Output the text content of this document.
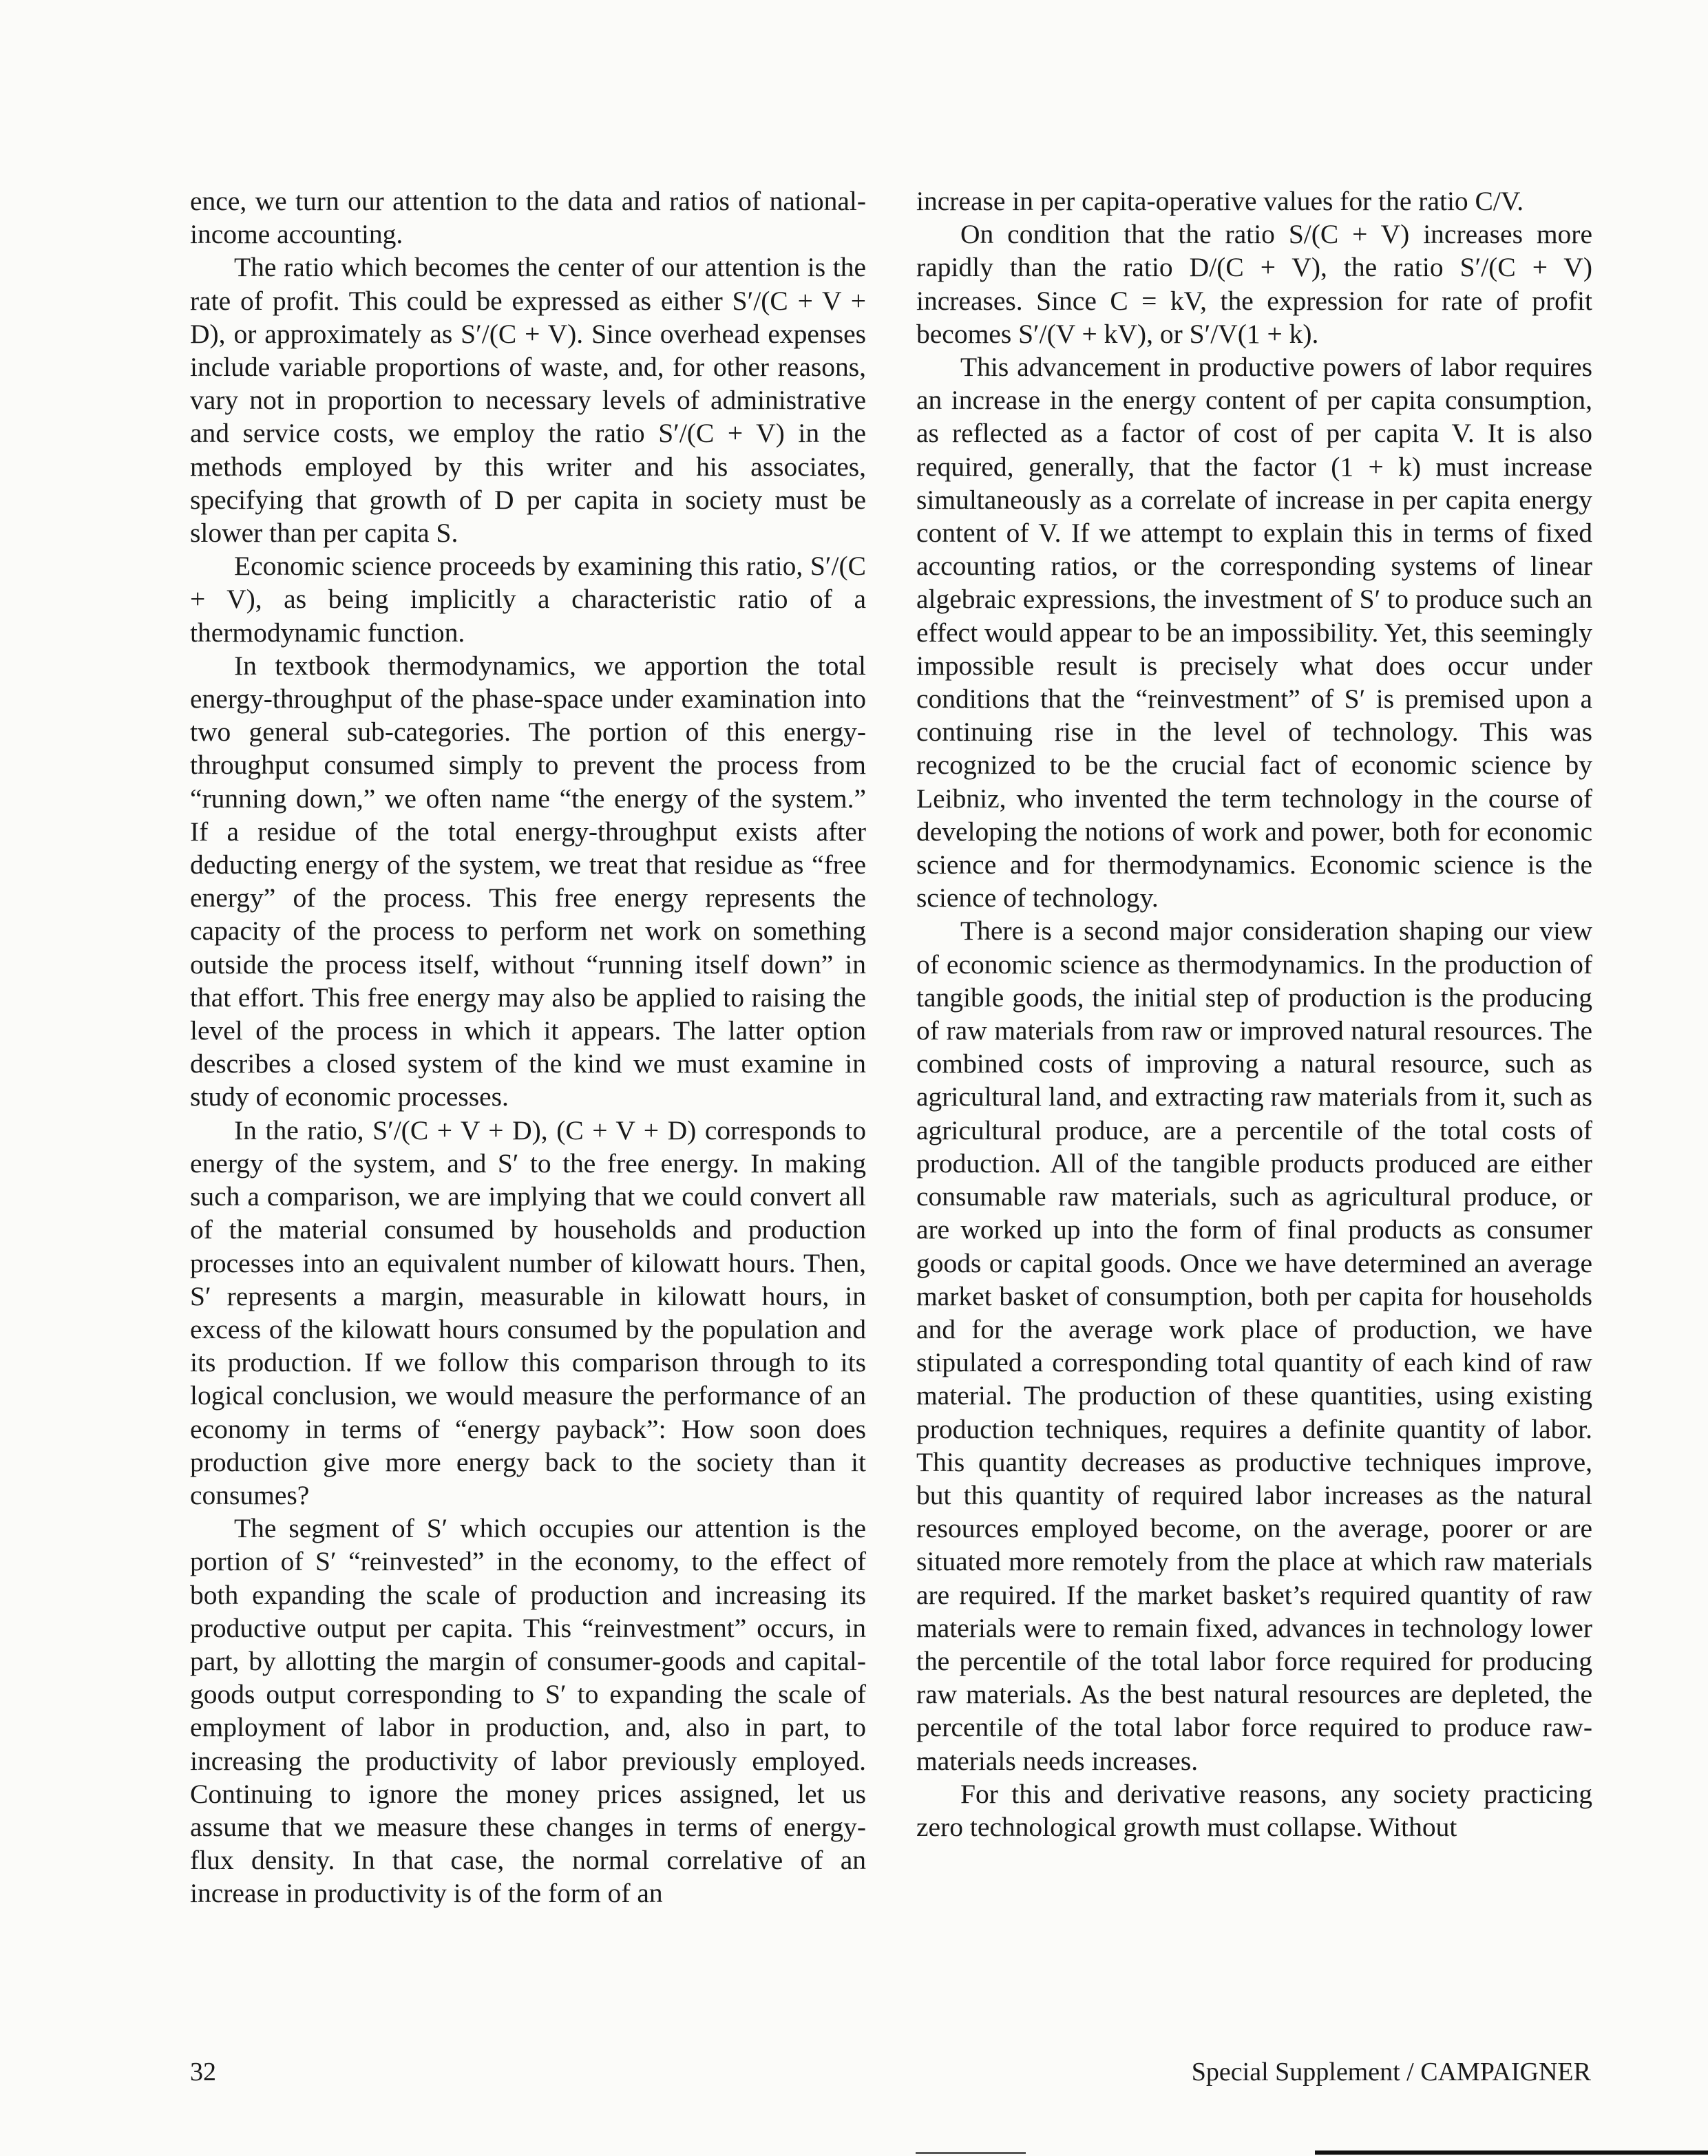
ence, we turn our attention to the data and ratios of national-income accounting.

The ratio which becomes the center of our attention is the rate of profit. This could be expressed as either S′/(C + V + D), or approximately as S′/(C + V). Since overhead expenses include variable proportions of waste, and, for other reasons, vary not in proportion to necessary levels of administrative and service costs, we employ the ratio S′/(C + V) in the methods employed by this writer and his associates, specifying that growth of D per capita in society must be slower than per capita S.

Economic science proceeds by examining this ratio, S′/(C + V), as being implicitly a characteristic ratio of a thermodynamic function.

In textbook thermodynamics, we apportion the total energy-throughput of the phase-space under examination into two general sub-categories. The portion of this energy-throughput consumed simply to prevent the process from “running down,” we often name “the energy of the system.” If a residue of the total energy-throughput exists after deducting energy of the system, we treat that residue as “free energy” of the process. This free energy represents the capacity of the process to perform net work on something outside the process itself, without “running itself down” in that effort. This free energy may also be applied to raising the level of the process in which it appears. The latter option describes a closed system of the kind we must examine in study of economic processes.

In the ratio, S′/(C + V + D), (C + V + D) corresponds to energy of the system, and S′ to the free energy. In making such a comparison, we are implying that we could convert all of the material consumed by households and production processes into an equivalent number of kilowatt hours. Then, S′ represents a margin, measurable in kilowatt hours, in excess of the kilowatt hours consumed by the population and its production. If we follow this comparison through to its logical conclusion, we would measure the performance of an economy in terms of “energy payback”: How soon does production give more energy back to the society than it consumes?

The segment of S′ which occupies our attention is the portion of S′ “reinvested” in the economy, to the effect of both expanding the scale of production and increasing its productive output per capita. This “reinvestment” occurs, in part, by allotting the margin of consumer-goods and capital-goods output corresponding to S′ to expanding the scale of employment of labor in production, and, also in part, to increasing the productivity of labor previously employed. Continuing to ignore the money prices assigned, let us assume that we measure these changes in terms of energy-flux density. In that case, the normal correlative of an increase in productivity is of the form of an

increase in per capita-operative values for the ratio C/V.

On condition that the ratio S/(C + V) increases more rapidly than the ratio D/(C + V), the ratio S′/(C + V) increases. Since C = kV, the expression for rate of profit becomes S′/(V + kV), or S′/V(1 + k).

This advancement in productive powers of labor requires an increase in the energy content of per capita consumption, as reflected as a factor of cost of per capita V. It is also required, generally, that the factor (1 + k) must increase simultaneously as a correlate of increase in per capita energy content of V. If we attempt to explain this in terms of fixed accounting ratios, or the corresponding systems of linear algebraic expressions, the investment of S′ to produce such an effect would appear to be an impossibility. Yet, this seemingly impossible result is precisely what does occur under conditions that the “reinvestment” of S′ is premised upon a continuing rise in the level of technology. This was recognized to be the crucial fact of economic science by Leibniz, who invented the term technology in the course of developing the notions of work and power, both for economic science and for thermodynamics. Economic science is the science of technology.

There is a second major consideration shaping our view of economic science as thermodynamics. In the production of tangible goods, the initial step of production is the producing of raw materials from raw or improved natural resources. The combined costs of improving a natural resource, such as agricultural land, and extracting raw materials from it, such as agricultural produce, are a percentile of the total costs of production. All of the tangible products produced are either consumable raw materials, such as agricultural produce, or are worked up into the form of final products as consumer goods or capital goods. Once we have determined an average market basket of consumption, both per capita for households and for the average work place of production, we have stipulated a corresponding total quantity of each kind of raw material. The production of these quantities, using existing production techniques, requires a definite quantity of labor. This quantity decreases as productive techniques improve, but this quantity of required labor increases as the natural resources employed become, on the average, poorer or are situated more remotely from the place at which raw materials are required. If the market basket’s required quantity of raw materials were to remain fixed, advances in technology lower the percentile of the total labor force required for producing raw materials. As the best natural resources are depleted, the percentile of the total labor force required to produce raw-materials needs increases.

For this and derivative reasons, any society practicing zero technological growth must collapse. Without

32	Special Supplement / CAMPAIGNER
